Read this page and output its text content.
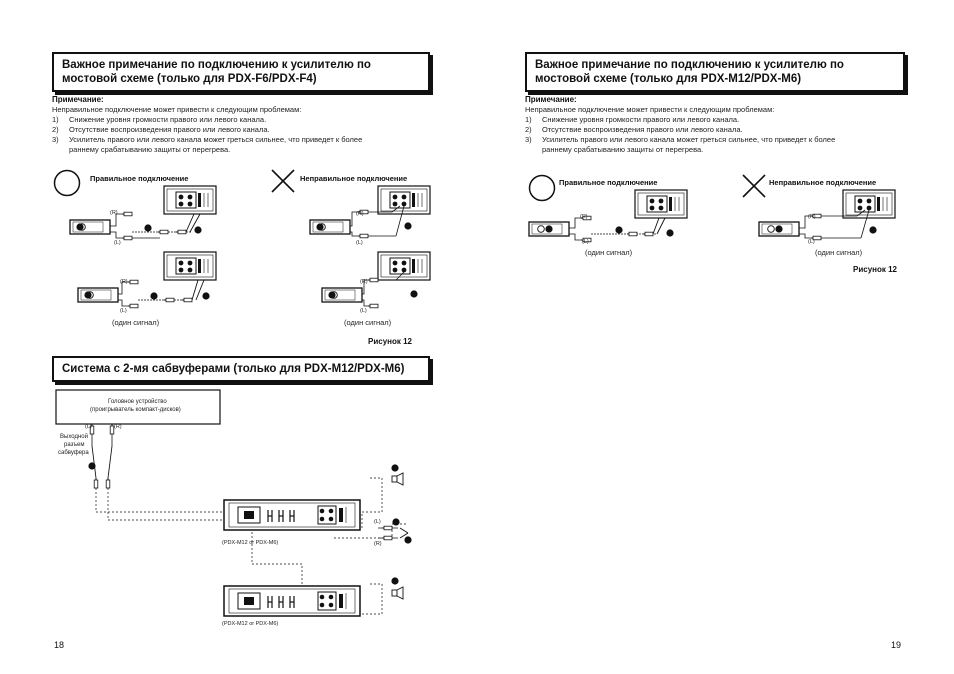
Важное примечание по подключению к усилителю по мостовой схеме (только для PDX-F6/PDX-F4)
Примечание:
Неправильное подключение может привести к следующим проблемам:
1) Снижение уровня громкости правого или левого канала.
2) Отсутствие воспроизведения правого или левого канала.
3) Усилитель правого или левого канала может греться сильнее, что приведет к более
раннему срабатыванию защиты от перегрева.
Правильное подключение	Неправильное подключение
(R)
(L)
(R)
(L)
(один сигнал)
(R)
(L)
(R)
(L)
(один сигнал)
Рисунок 12
Система с 2-мя сабвуферами (только для PDX-M12/PDX-M6)
Головное устройство
(проигрыватель компакт-дисков)
(L)	(R)
Выходной
разъем
сабвуфера
(PDX-M12 or PDX-M6)
(PDX-M12 or PDX-M6)
(L)
(R)
18
Важное примечание по подключению к усилителю по мостовой схеме (только для PDX-M12/PDX-M6)
Примечание:
Неправильное подключение может привести к следующим проблемам:
1) Снижение уровня громкости правого или левого канала.
2) Отсутствие воспроизведения правого или левого канала.
3) Усилитель правого или левого канала может греться сильнее, что приведет к более
раннему срабатыванию защиты от перегрева.
Правильное подключение	Неправильное подключение
(R)
(L)
(один сигнал)
(R)
(L)
(один сигнал)
Рисунок 12
19
